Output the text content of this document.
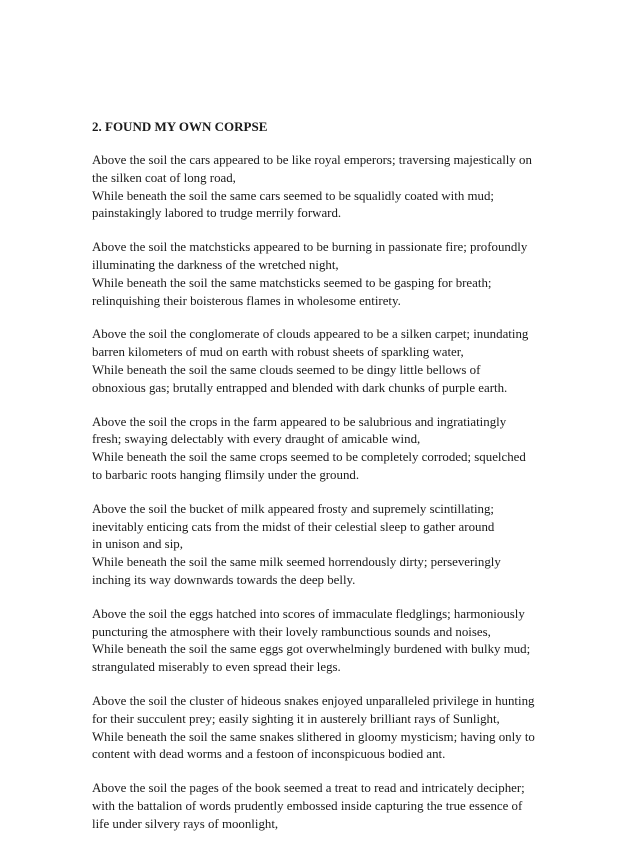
2. FOUND MY OWN CORPSE
Above the soil the cars appeared to be like royal emperors; traversing majestically on
the silken coat of long road,
While beneath the soil the same cars seemed to be squalidly coated with mud;
painstakingly labored to trudge merrily forward.
Above the soil the matchsticks appeared to be burning in passionate fire; profoundly
illuminating the darkness of the wretched night,
While beneath the soil the same matchsticks seemed to be gasping for breath;
relinquishing their boisterous flames in wholesome entirety.
Above the soil the conglomerate of clouds appeared to be a silken carpet; inundating
barren kilometers of mud on earth with robust sheets of sparkling water,
While beneath the soil the same clouds seemed to be dingy little bellows of
obnoxious gas; brutally entrapped and blended with dark chunks of purple earth.
Above the soil the crops in the farm appeared to be salubrious and ingratiatingly
fresh; swaying delectably with every draught of amicable wind,
While beneath the soil the same crops seemed to be completely corroded; squelched
to barbaric roots hanging flimsily under the ground.
Above the soil the bucket of milk appeared frosty and supremely scintillating;
inevitably enticing cats from the midst of their celestial sleep to gather around
in unison and sip,
While beneath the soil the same milk seemed horrendously dirty; perseveringly
inching its way downwards towards the deep belly.
Above the soil the eggs hatched into scores of immaculate fledglings; harmoniously
puncturing the atmosphere with their lovely rambunctious sounds and noises,
While beneath the soil the same eggs got overwhelmingly burdened with bulky mud;
strangulated miserably to even spread their legs.
Above the soil the cluster of hideous snakes enjoyed unparalleled privilege in hunting
for their succulent prey; easily sighting it in austerely brilliant rays of Sunlight,
While beneath the soil the same snakes slithered in gloomy mysticism; having only to
content with dead worms and a festoon of inconspicuous bodied ant.
Above the soil the pages of the book seemed a treat to read and intricately decipher;
with the battalion of words prudently embossed inside capturing the true essence of
life under silvery rays of moonlight,
